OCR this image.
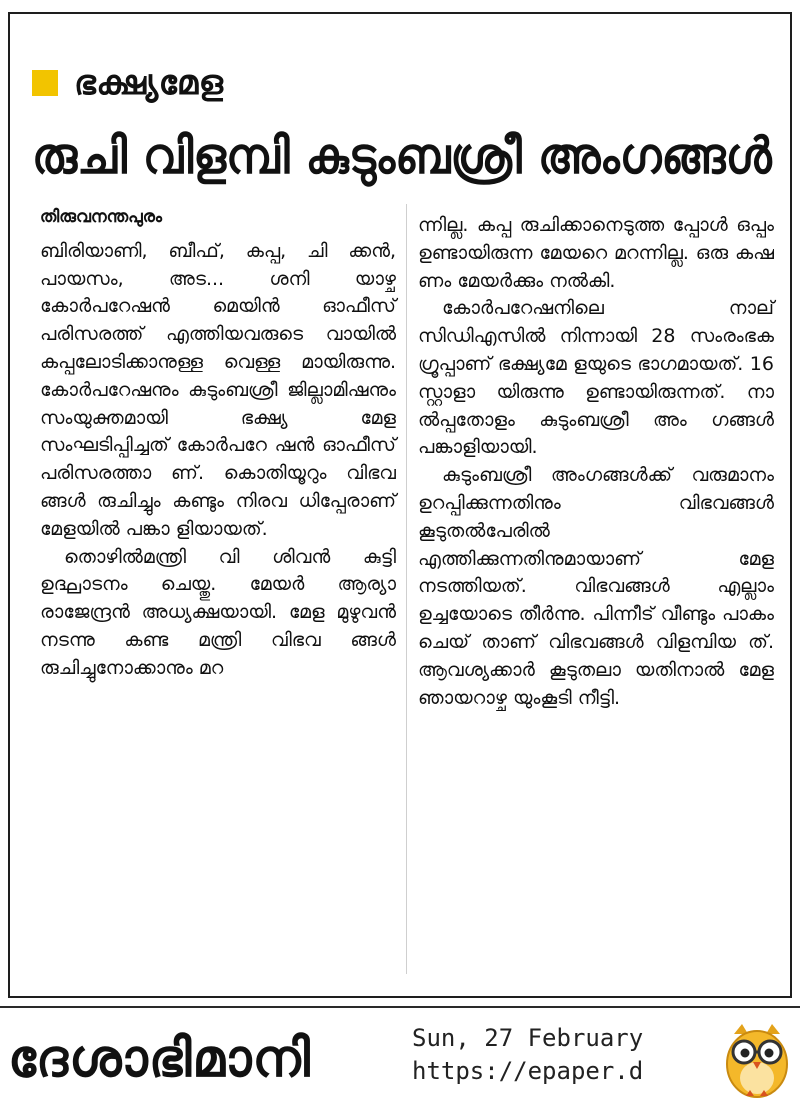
ഭക്ഷ്യമേള
രുചി വിളമ്പി കുടുംബശ്രീ അംഗങ്ങൾ

തിരുവനന്തപുരം

ബിരിയാണി, ബീഫ്, കപ്പ, ചി ക്കൻ, പായസം, അട... ശനി യാഴ്ച കോർപറേഷൻ മെയിൻ ഓഫീസ് പരിസരത്ത് എത്തിയവരുടെ വായിൽ കപ്പലോടിക്കാനുള്ള വെള്ള മായിരുന്നു. കോർപറേഷനും കുടുംബശ്രീ ജില്ലാമിഷനും സംയുക്തമായി ഭക്ഷ്യ മേള സംഘടിപ്പിച്ചത് കോർപറേ ഷൻ ഓഫീസ് പരിസരത്താ ണ്. കൊതിയൂറും വിഭവ ങ്ങൾ രുചിച്ചും കണ്ടും നിരവ ധിപ്പേരാണ് മേളയിൽ പങ്കാ ളിയായത്.

തൊഴിൽമന്ത്രി വി ശിവൻ കുട്ടി ഉദ്ഘാടനം ചെയ്തു. മേയർ ആര്യാ രാജേന്ദ്രൻ അധ്യക്ഷയായി. മേള മുഴുവൻ നടന്നു കണ്ട മന്ത്രി വിഭവ ങ്ങൾ രുചിച്ചുനോക്കാനും മറ

ന്നില്ല. കപ്പ രുചിക്കാനെടുത്ത പ്പോൾ ഒപ്പം ഉണ്ടായിരുന്ന മേയറെ മറന്നില്ല. ഒരു കഷ ണം മേയർക്കും നൽകി.

കോർപറേഷനിലെ നാല് സിഡിഎസിൽ നിന്നായി 28 സംരംഭക ഗ്രൂപ്പാണ് ഭക്ഷ്യമേ ളയുടെ ഭാഗമായത്. 16 സ്റ്റാളാ യിരുന്നു ഉണ്ടായിരുന്നത്. നാ ൽപ്പതോളം കുടുംബശ്രീ അം ഗങ്ങൾ പങ്കാളിയായി.

കുടുംബശ്രീ അംഗങ്ങൾക്ക് വരുമാനം ഉറപ്പിക്കുന്നതിനും വിഭവങ്ങൾ കൂടുതൽപേരിൽ എത്തിക്കുന്നതിനുമായാണ് മേള നടത്തിയത്. വിഭവങ്ങൾ എല്ലാം ഉച്ചയോടെ തീർന്നു. പിന്നീട് വീണ്ടും പാകം ചെയ് താണ് വിഭവങ്ങൾ വിളമ്പിയ ത്. ആവശ്യക്കാർ കൂടുതലാ യതിനാൽ മേള ഞായറാഴ്ച യുംകൂടി നീട്ടി.

ദേശാഭിമാനി	Sun, 27 February
https://epaper.d
